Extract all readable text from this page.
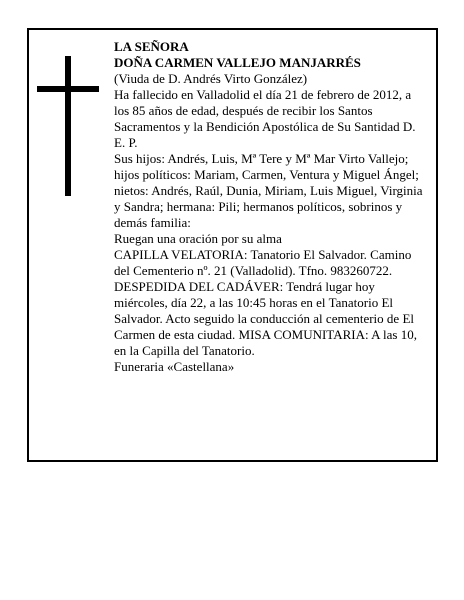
LA SEÑORA

DOÑA CARMEN VALLEJO MANJARRÉS

(Viuda de D. Andrés Virto González)

Ha fallecido en Valladolid el día 21 de febrero de 2012, a los 85 años de edad, después de recibir los Santos Sacramentos y la Bendición Apostólica de Su Santidad D. E. P.

Sus hijos: Andrés, Luis, Mª Tere y Mª Mar Virto Vallejo; hijos políticos: Mariam, Carmen, Ventura y Miguel Ángel; nietos: Andrés, Raúl, Dunia, Miriam, Luis Miguel, Virginia y Sandra; hermana: Pili; hermanos políticos, sobrinos y demás familia:

Ruegan una oración por su alma

CAPILLA VELATORIA: Tanatorio El Salvador. Camino del Cementerio nº. 21 (Valladolid). Tfno. 983260722.

DESPEDIDA DEL CADÁVER: Tendrá lugar hoy miércoles, día 22, a las 10:45 horas en el Tanatorio El Salvador. Acto seguido la conducción al cementerio de El Carmen de esta ciudad. MISA COMUNITARIA: A las 10, en la Capilla del Tanatorio.

Funeraria «Castellana»
